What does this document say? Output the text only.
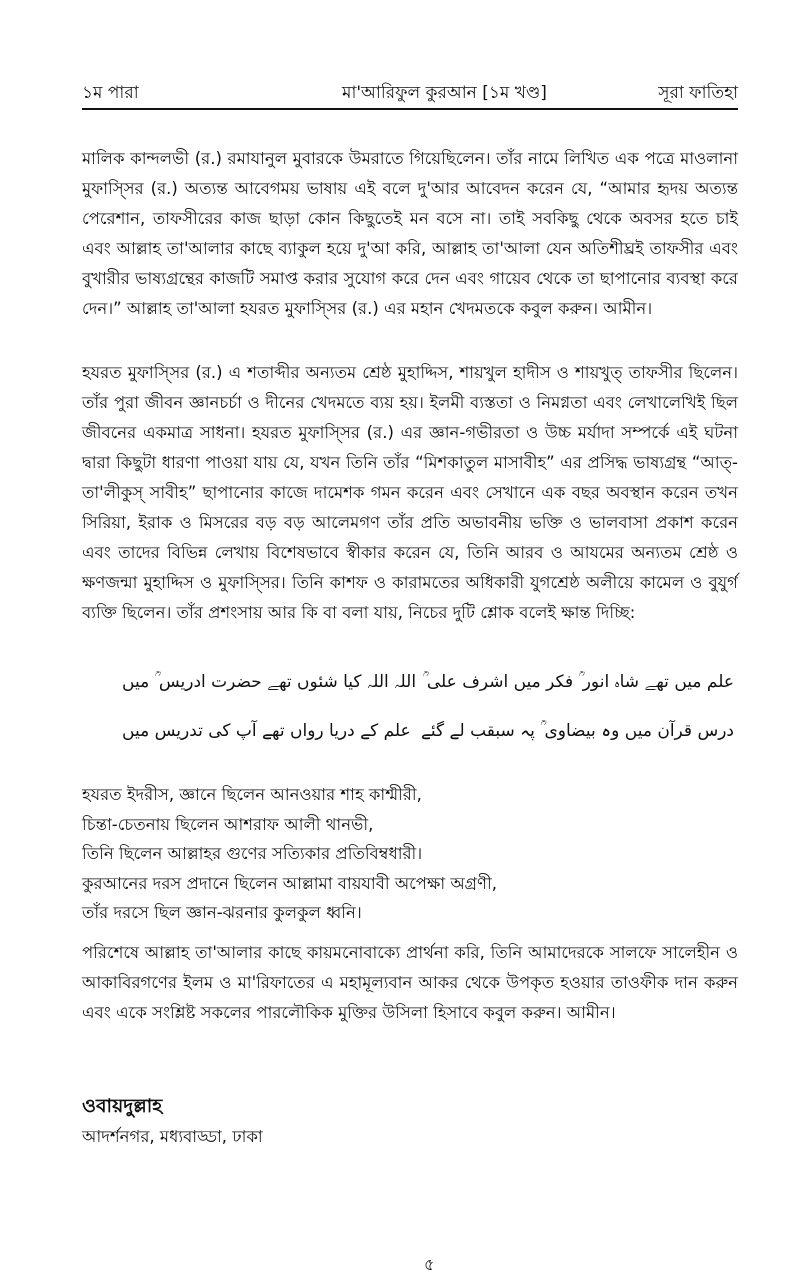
১ম পারা	মা'আরিফুল কুরআন [১ম খণ্ড]	সূরা ফাতিহা

মালিক কান্দলভী (র.) রমাযানুল মুবারকে উমরাতে গিয়েছিলেন। তাঁর নামে লিখিত এক পত্রে মাওলানা মুফাস্সির (র.) অত্যন্ত আবেগময় ভাষায় এই বলে দু'আর আবেদন করেন যে, “আমার হৃদয় অত্যন্ত পেরেশান, তাফসীরের কাজ ছাড়া কোন কিছুতেই মন বসে না। তাই সবকিছু থেকে অবসর হতে চাই এবং আল্লাহ তা'আলার কাছে ব্যাকুল হয়ে দু'আ করি, আল্লাহ তা'আলা যেন অতিশীঘ্রই তাফসীর এবং বুখারীর ভাষ্যগ্রন্থের কাজটি সমাপ্ত করার সুযোগ করে দেন এবং গায়েব থেকে তা ছাপানোর ব্যবস্থা করে দেন।” আল্লাহ তা'আলা হযরত মুফাস্সির (র.) এর মহান খেদমতকে কবুল করুন। আমীন।

হযরত মুফাস্সির (র.) এ শতাব্দীর অন্যতম শ্রেষ্ঠ মুহাদ্দিস, শায়খুল হাদীস ও শায়খুত্ তাফসীর ছিলেন। তাঁর পুরা জীবন জ্ঞানচর্চা ও দীনের খেদমতে ব্যয় হয়। ইলমী ব্যস্ততা ও নিমগ্নতা এবং লেখালেখিই ছিল জীবনের একমাত্র সাধনা। হযরত মুফাস্সির (র.) এর জ্ঞান-গভীরতা ও উচ্চ মর্যাদা সম্পর্কে এই ঘটনা দ্বারা কিছুটা ধারণা পাওয়া যায় যে, যখন তিনি তাঁর “মিশকাতুল মাসাবীহ” এর প্রসিদ্ধ ভাষ্যগ্রন্থ “আত্-তা'লীকুস্ সাবীহ” ছাপানোর কাজে দামেশক গমন করেন এবং সেখানে এক বছর অবস্থান করেন তখন সিরিয়া, ইরাক ও মিসরের বড় বড় আলেমগণ তাঁর প্রতি অভাবনীয় ভক্তি ও ভালবাসা প্রকাশ করেন এবং তাদের বিভিন্ন লেখায় বিশেষভাবে স্বীকার করেন যে, তিনি আরব ও আযমের অন্যতম শ্রেষ্ঠ ও ক্ষণজন্মা মুহাদ্দিস ও মুফাস্সির। তিনি কাশফ ও কারামতের অধিকারী যুগশ্রেষ্ঠ অলীয়ে কামেল ও বুযুর্গ ব্যক্তি ছিলেন। তাঁর প্রশংসায় আর কি বা বলা যায়, নিচের দুটি শ্লোক বলেই ক্ষান্ত দিচ্ছি:

علم میں تھے شاہ انور ؒ فکر میں اشرف علی ؒ
اللہ اللہ کیا شئوں تھے حضرت ادریس ؒ میں
درس قرآن میں وہ بیضاوی ؒ پہ سبقب لے گئے
علم کے دریا رواں تھے آپ کی تدریس میں
হযরত ইদরীস, জ্ঞানে ছিলেন আনওয়ার শাহ কাশ্মীরী,
চিন্তা-চেতনায় ছিলেন আশরাফ আলী থানভী,
তিনি ছিলেন আল্লাহর গুণের সত্যিকার প্রতিবিম্বধারী।
কুরআনের দরস প্রদানে ছিলেন আল্লামা বায়যাবী অপেক্ষা অগ্রণী,
তাঁর দরসে ছিল জ্ঞান-ঝরনার কুলকুল ধ্বনি।

পরিশেষে আল্লাহ তা'আলার কাছে কায়মনোবাক্যে প্রার্থনা করি, তিনি আমাদেরকে সালফে সালেহীন ও আকাবিরগণের ইলম ও মা'রিফাতের এ মহামূল্যবান আকর থেকে উপকৃত হওয়ার তাওফীক দান করুন এবং একে সংশ্লিষ্ট সকলের পারলৌকিক মুক্তির উসিলা হিসাবে কবুল করুন। আমীন।

ওবায়দুল্লাহ
আদর্শনগর, মধ্যবাড্ডা, ঢাকা
৫
